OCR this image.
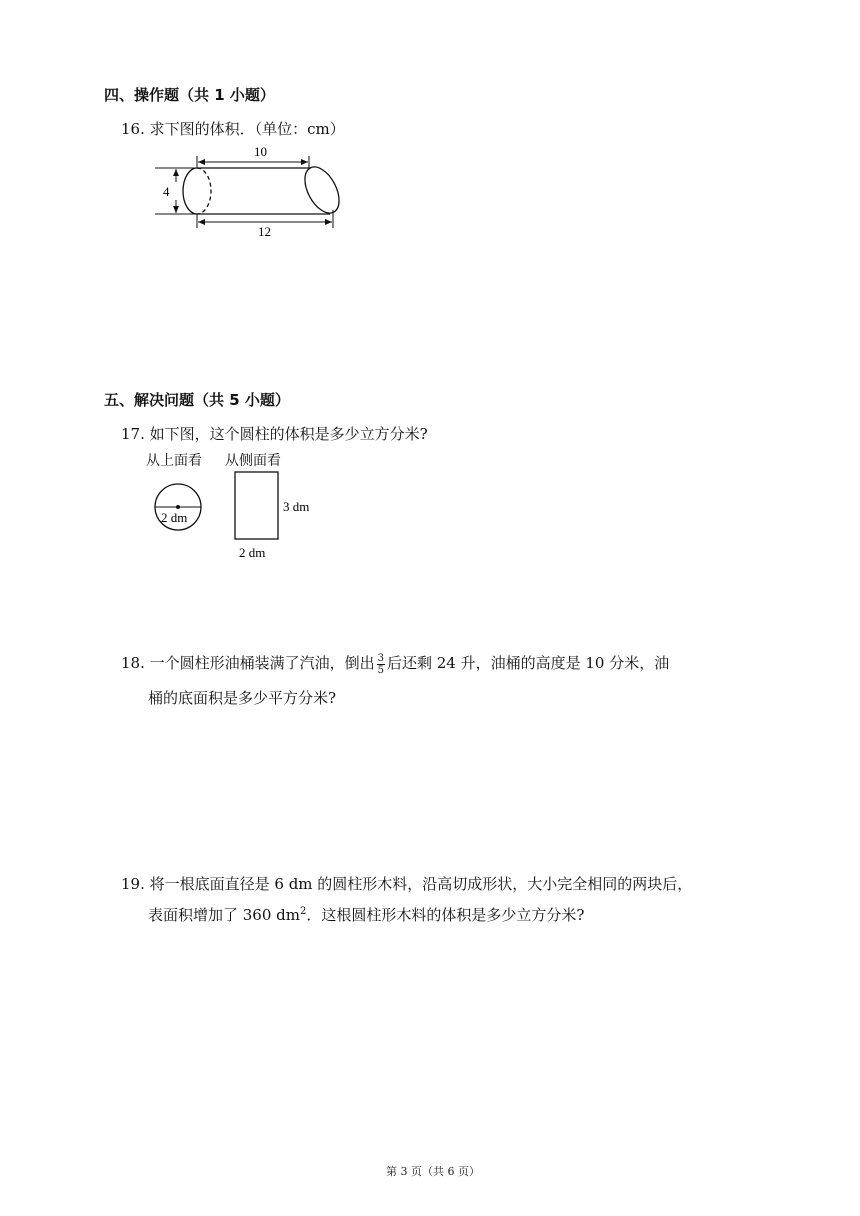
四、操作题（共 1 小题）
16. 求下图的体积．（单位：cm）
4
10
12
五、解决问题（共 5 小题）
17. 如下图，这个圆柱的体积是多少立方分米?
从上面看 从侧面看
2 dm
3 dm
2 dm
18. 一个圆柱形油桶装满了汽油，倒出 $\frac{3}{5}$ 后还剩 24 升，油桶的高度是 10 分米，油
桶的底面积是多少平方分米?
19. 将一根底面直径是 6 dm 的圆柱形木料，沿高切成形状，大小完全相同的两块后，
表面积增加了 360 $dm^2$．这根圆柱形木料的体积是多少立方分米?
第 3 页（共 6 页）
